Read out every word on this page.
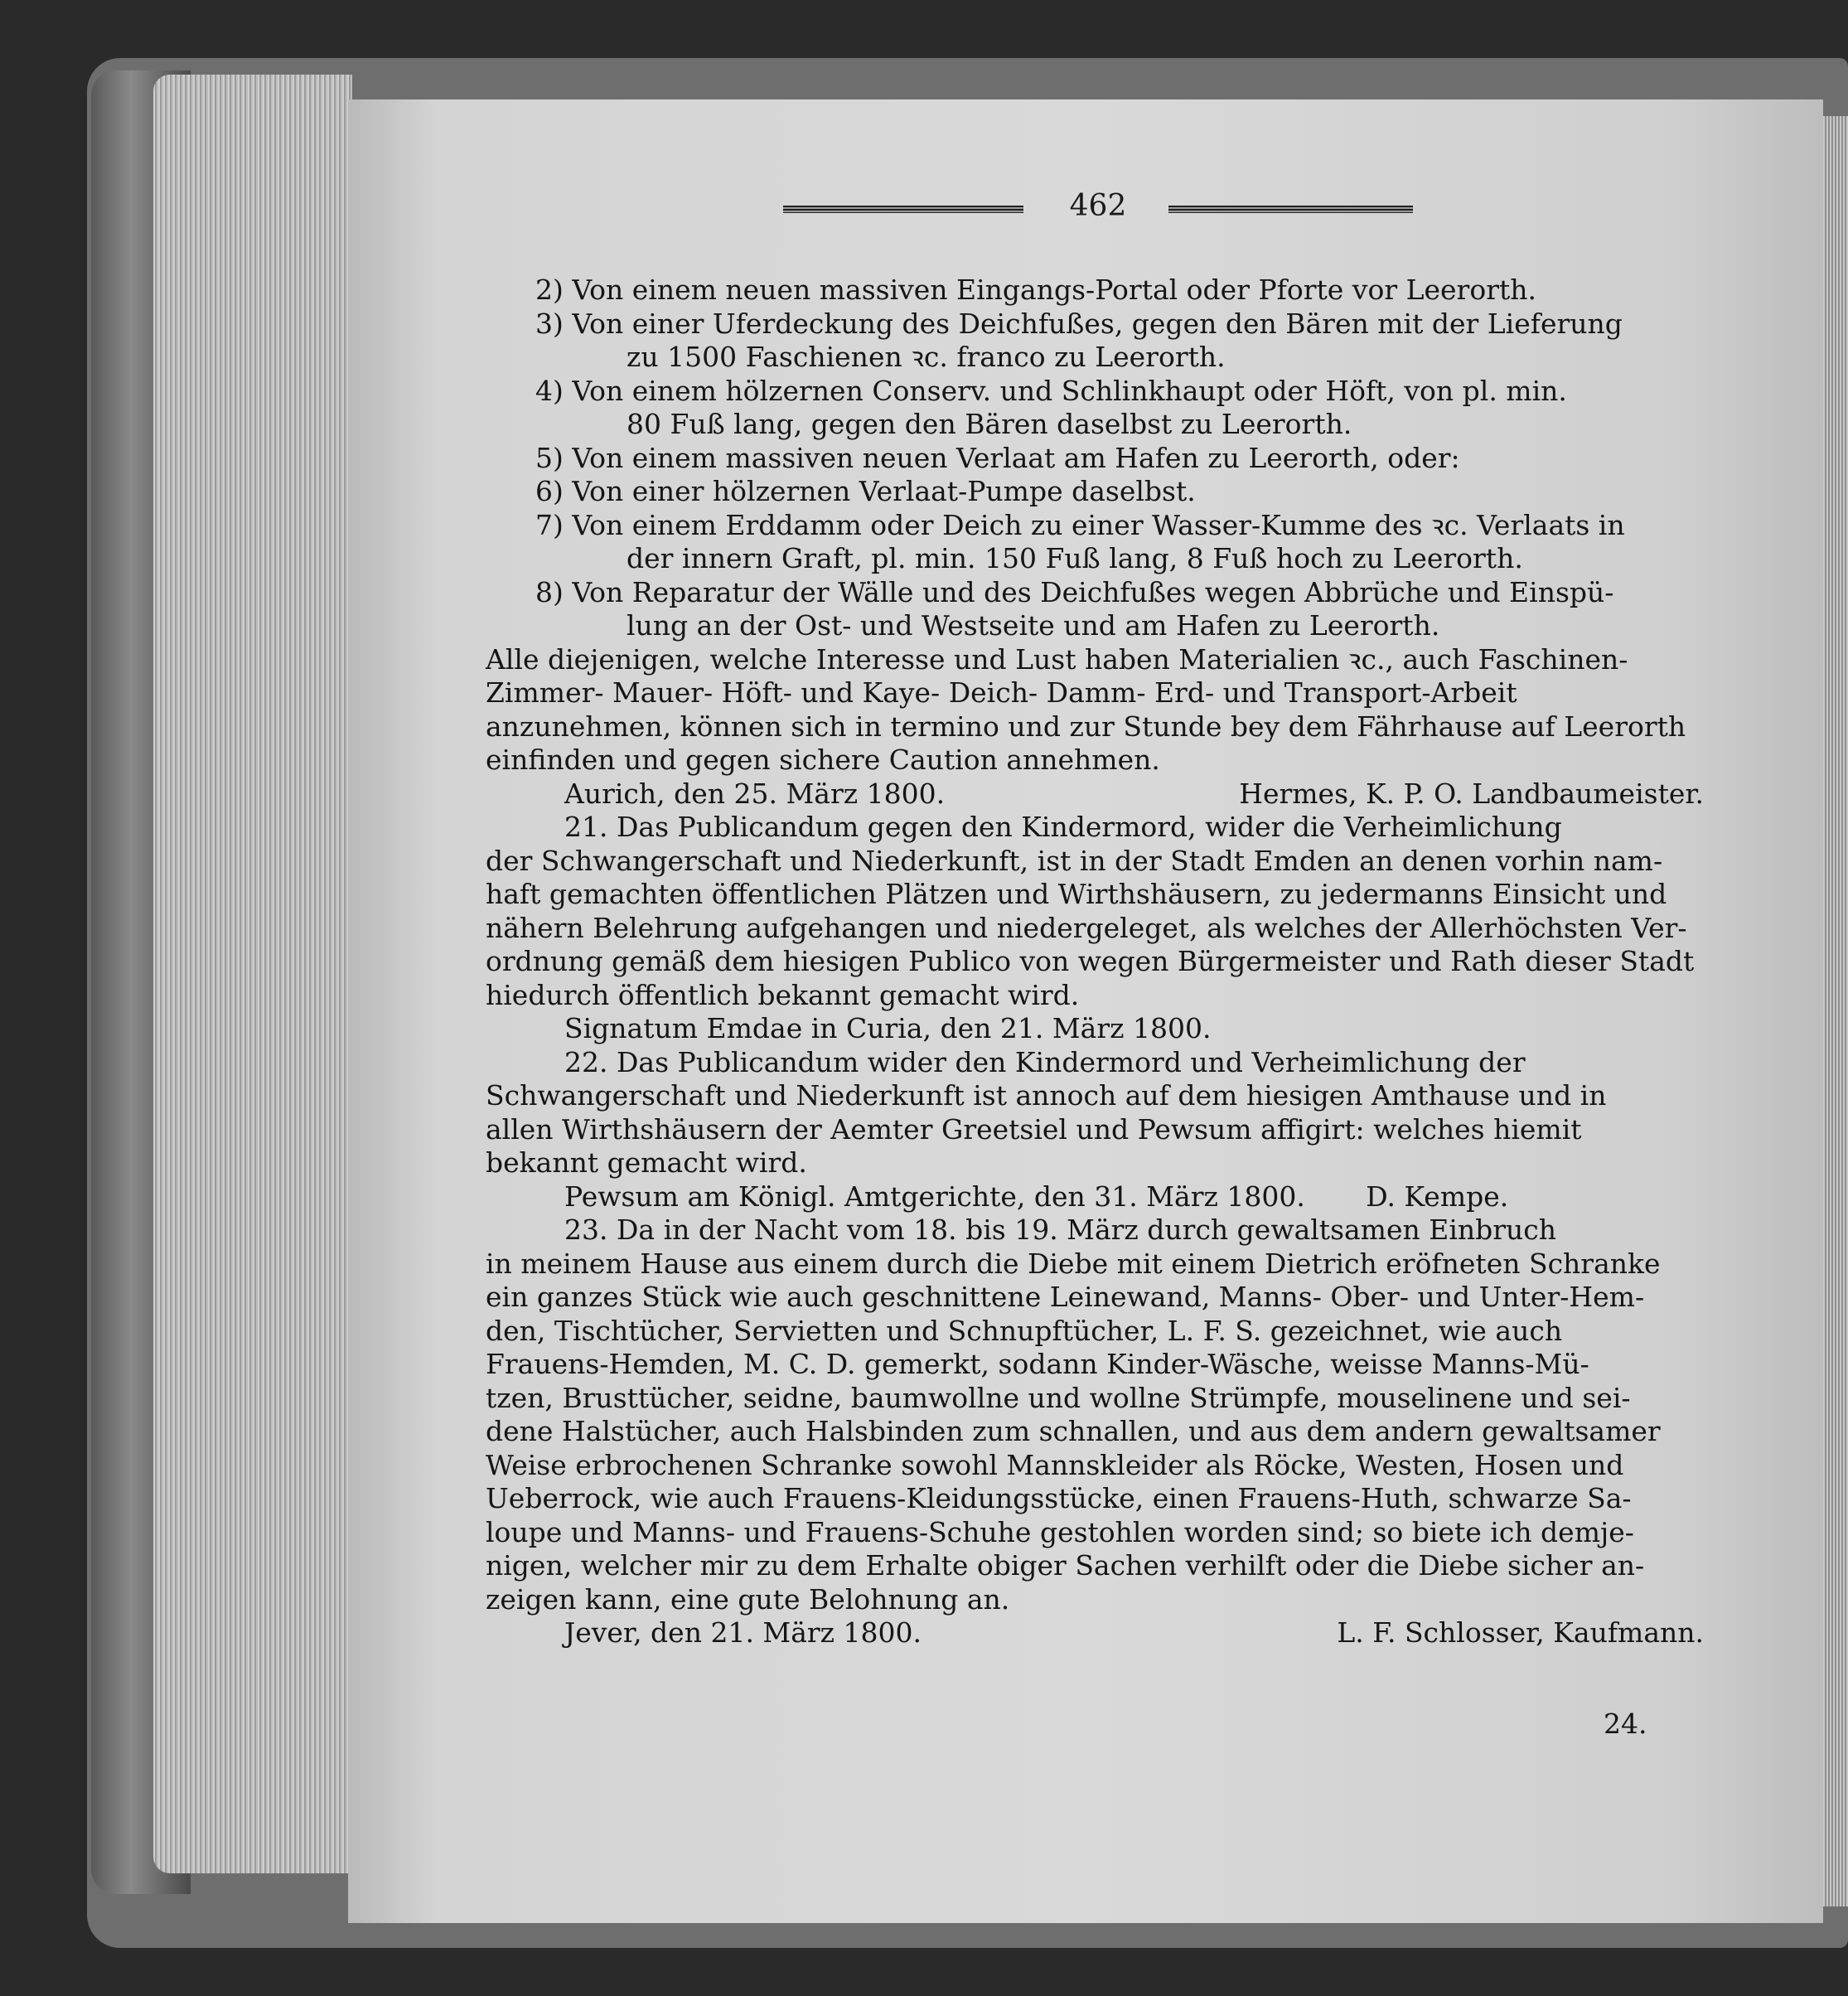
462
2) Von einem neuen massiven Eingangs-Portal oder Pforte vor Leerorth.
3) Von einer Uferdeckung des Deichfußes, gegen den Bären mit der Lieferung
zu 1500 Faschienen ꝛc. franco zu Leerorth.
4) Von einem hölzernen Conserv. und Schlinkhaupt oder Höft, von pl. min.
80 Fuß lang, gegen den Bären daselbst zu Leerorth.
5) Von einem massiven neuen Verlaat am Hafen zu Leerorth, oder:
6) Von einer hölzernen Verlaat-Pumpe daselbst.
7) Von einem Erddamm oder Deich zu einer Wasser-Kumme des ꝛc. Verlaats in
der innern Graft, pl. min. 150 Fuß lang, 8 Fuß hoch zu Leerorth.
8) Von Reparatur der Wälle und des Deichfußes wegen Abbrüche und Einspü-
lung an der Ost- und Westseite und am Hafen zu Leerorth.
Alle diejenigen, welche Interesse und Lust haben Materialien ꝛc., auch Faschinen-
Zimmer- Mauer- Höft- und Kaye- Deich- Damm- Erd- und Transport-Arbeit
anzunehmen, können sich in termino und zur Stunde bey dem Fährhause auf Leerorth
einfinden und gegen sichere Caution annehmen.
Aurich, den 25. März 1800.	Hermes, K. P. O. Landbaumeister.
21. Das Publicandum gegen den Kindermord, wider die Verheimlichung
der Schwangerschaft und Niederkunft, ist in der Stadt Emden an denen vorhin nam-
haft gemachten öffentlichen Plätzen und Wirthshäusern, zu jedermanns Einsicht und
nähern Belehrung aufgehangen und niedergeleget, als welches der Allerhöchsten Ver-
ordnung gemäß dem hiesigen Publico von wegen Bürgermeister und Rath dieser Stadt
hiedurch öffentlich bekannt gemacht wird.
Signatum Emdae in Curia, den 21. März 1800.
22. Das Publicandum wider den Kindermord und Verheimlichung der
Schwangerschaft und Niederkunft ist annoch auf dem hiesigen Amthause und in
allen Wirthshäusern der Aemter Greetsiel und Pewsum affigirt: welches hiemit
bekannt gemacht wird.
Pewsum am Königl. Amtgerichte, den 31. März 1800.       D. Kempe.
23. Da in der Nacht vom 18. bis 19. März durch gewaltsamen Einbruch
in meinem Hause aus einem durch die Diebe mit einem Dietrich eröfneten Schranke
ein ganzes Stück wie auch geschnittene Leinewand, Manns- Ober- und Unter-Hem-
den, Tischtücher, Servietten und Schnupftücher, L. F. S. gezeichnet, wie auch
Frauens-Hemden, M. C. D. gemerkt, sodann Kinder-Wäsche, weisse Manns-Mü-
tzen, Brusttücher, seidne, baumwollne und wollne Strümpfe, mouselinene und sei-
dene Halstücher, auch Halsbinden zum schnallen, und aus dem andern gewaltsamer
Weise erbrochenen Schranke sowohl Mannskleider als Röcke, Westen, Hosen und
Ueberrock, wie auch Frauens-Kleidungsstücke, einen Frauens-Huth, schwarze Sa-
loupe und Manns- und Frauens-Schuhe gestohlen worden sind; so biete ich demje-
nigen, welcher mir zu dem Erhalte obiger Sachen verhilft oder die Diebe sicher an-
zeigen kann, eine gute Belohnung an.
Jever, den 21. März 1800.	L. F. Schlosser, Kaufmann.
24.
